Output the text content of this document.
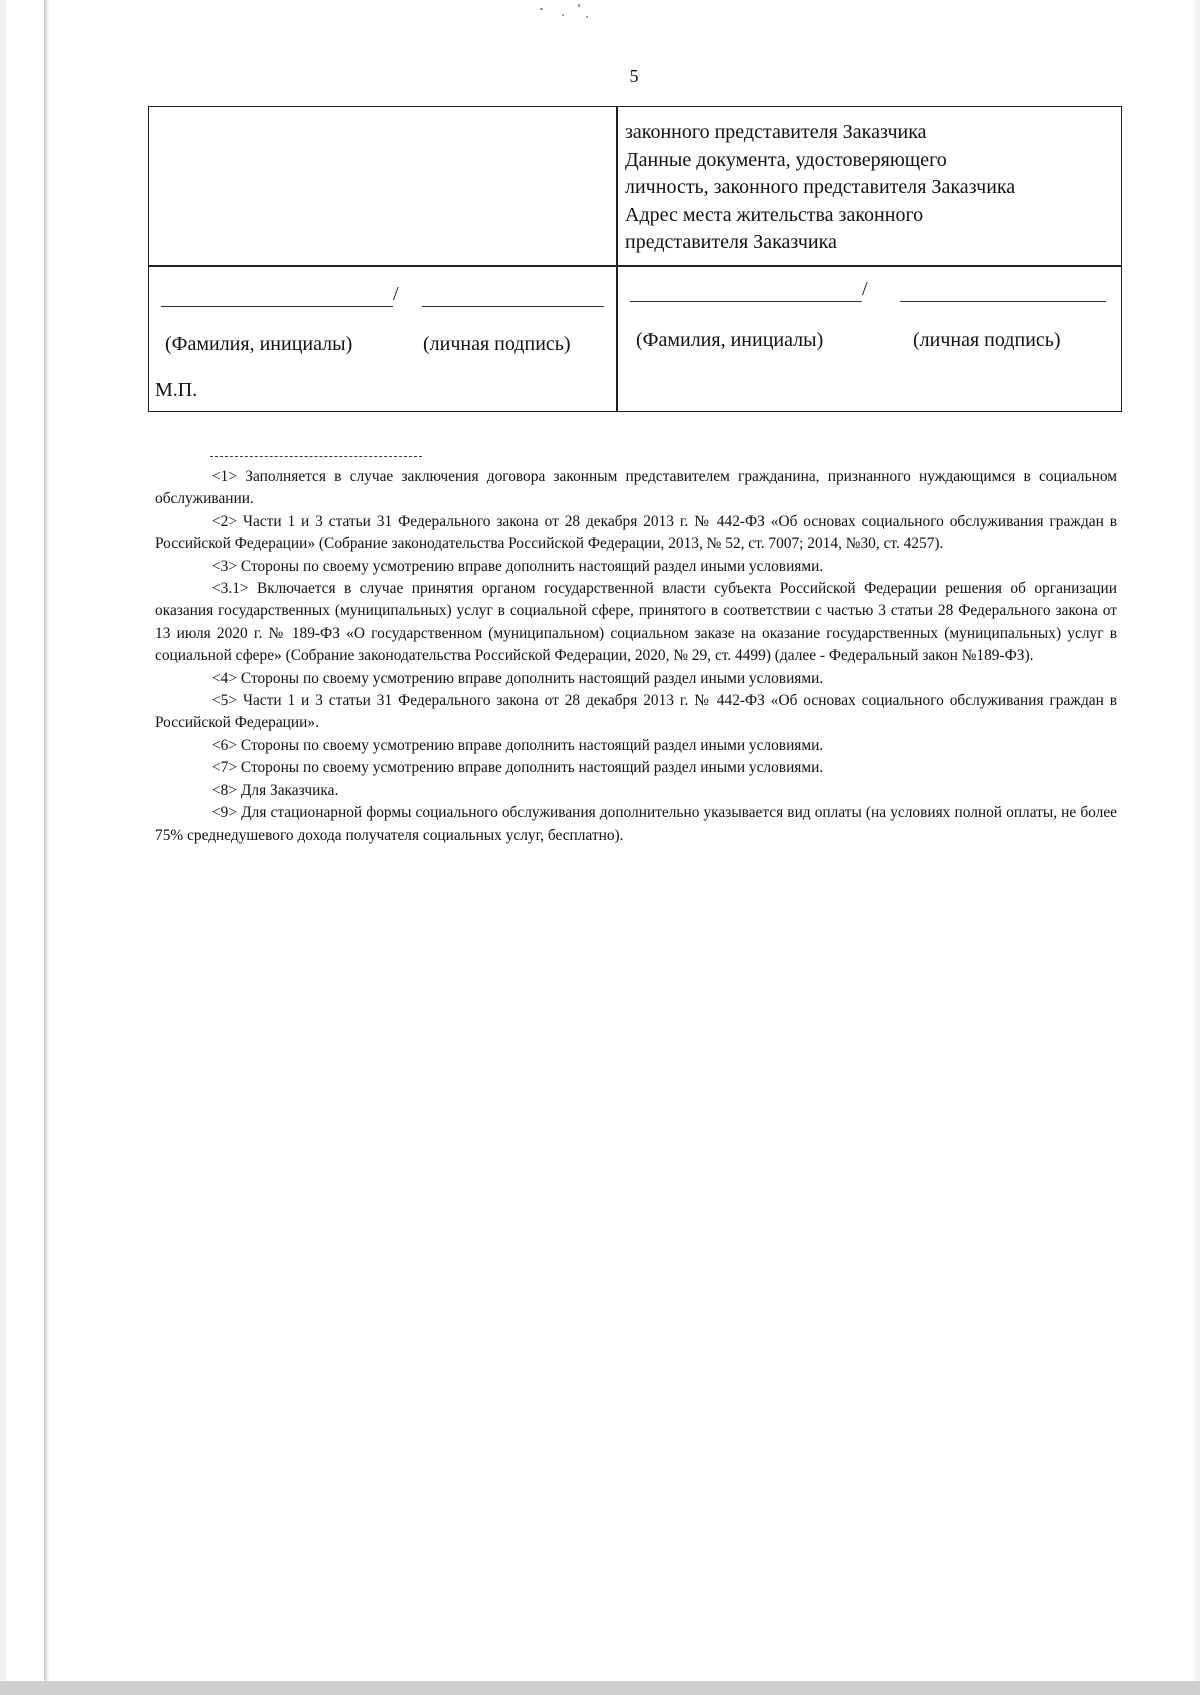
5
законного представителя Заказчика
Данные документа, удостоверяющего
личность, законного представителя Заказчика
Адрес места жительства законного
представителя Заказчика
/
(Фамилия, инициалы)	(личная подпись)
М.П.
/
(Фамилия, инициалы)	(личная подпись)

<1> Заполняется в случае заключения договора законным представителем гражданина, признанного нуждающимся в социальном обслуживании.

<2> Части 1 и 3 статьи 31 Федерального закона от 28 декабря 2013 г. № 442-ФЗ «Об основах социального обслуживания граждан в Российской Федерации» (Собрание законодательства Российской Федерации, 2013, № 52, ст. 7007; 2014, №30, ст. 4257).

<3> Стороны по своему усмотрению вправе дополнить настоящий раздел иными условиями.

<3.1> Включается в случае принятия органом государственной власти субъекта Российской Федерации решения об организации оказания государственных (муниципальных) услуг в социальной сфере, принятого в соответствии с частью 3 статьи 28 Федерального закона от 13 июля 2020 г. № 189-ФЗ «О государственном (муниципальном) социальном заказе на оказание государственных (муниципальных) услуг в социальной сфере» (Собрание законодательства Российской Федерации, 2020, № 29, ст. 4499) (далее - Федеральный закон №189-ФЗ).

<4> Стороны по своему усмотрению вправе дополнить настоящий раздел иными условиями.

<5> Части 1 и 3 статьи 31 Федерального закона от 28 декабря 2013 г. № 442-ФЗ «Об основах социального обслуживания граждан в Российской Федерации».

<6> Стороны по своему усмотрению вправе дополнить настоящий раздел иными условиями.

<7> Стороны по своему усмотрению вправе дополнить настоящий раздел иными условиями.

<8> Для Заказчика.

<9> Для стационарной формы социального обслуживания дополнительно указывается вид оплаты (на условиях полной оплаты, не более 75% среднедушевого дохода получателя социальных услуг, бесплатно).
